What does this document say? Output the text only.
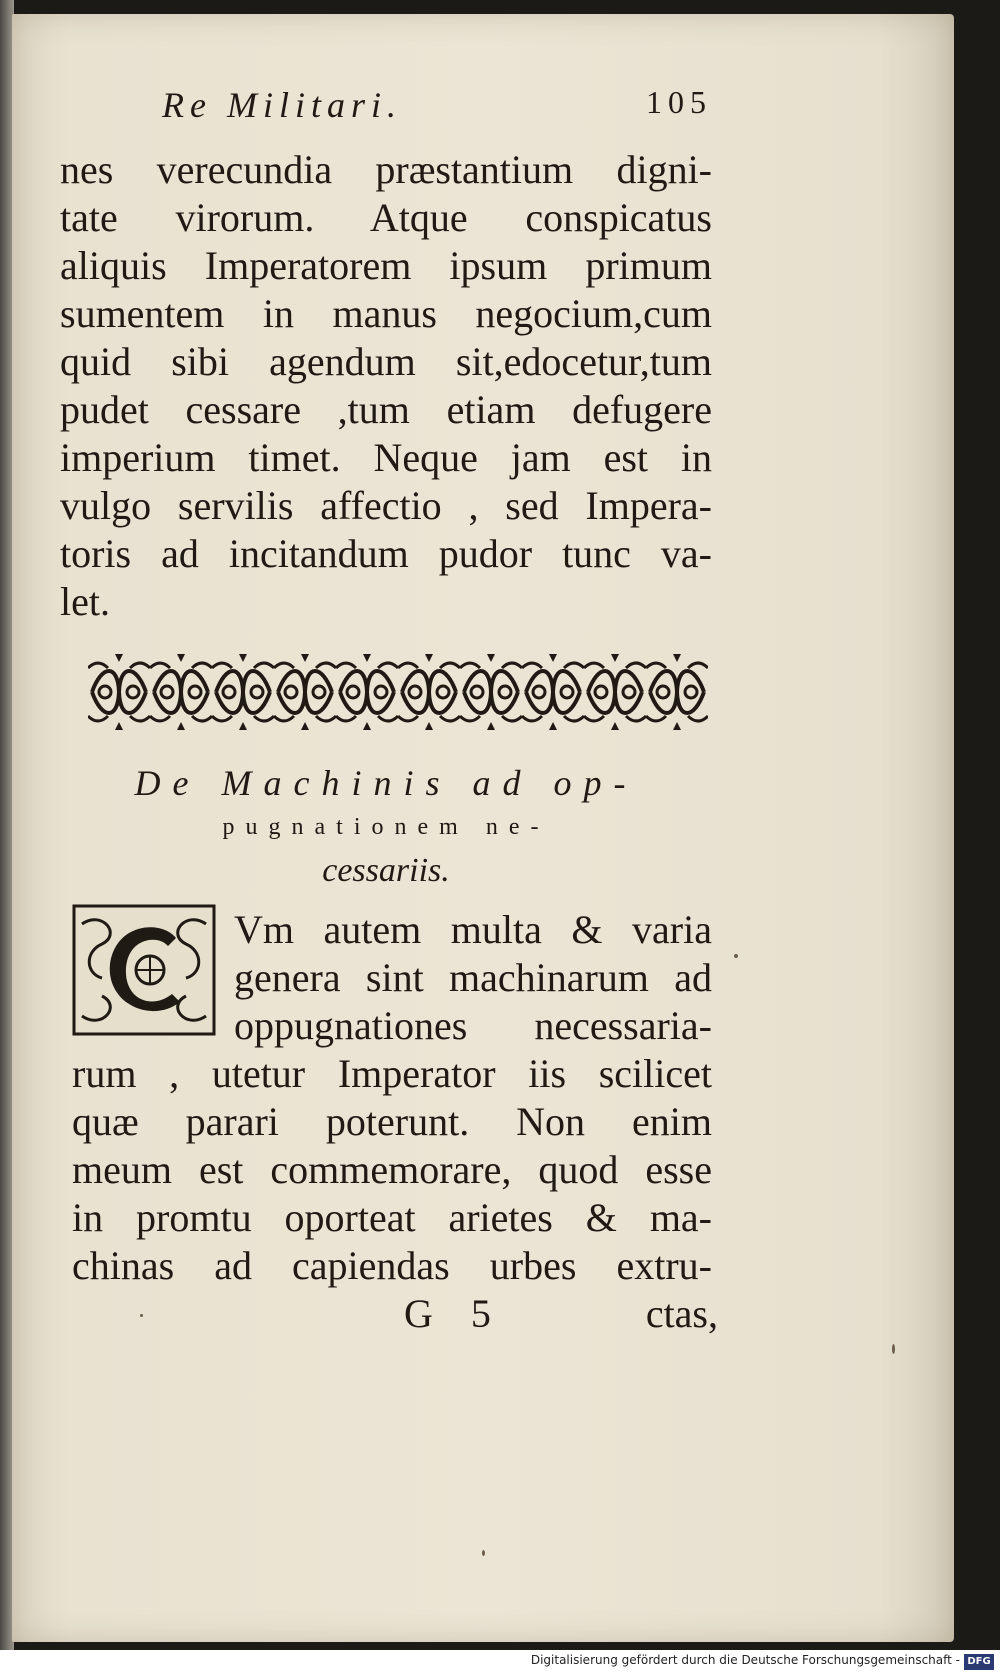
Re Militari.	105
nes verecundia præstantium digni-
tate virorum. Atque conspicatus
aliquis Imperatorem ipsum primum
sumentem in manus negocium,cum
quid sibi agendum sit,edocetur,tum
pudet cessare ,tum etiam defugere
imperium timet. Neque jam est in
vulgo servilis affectio , sed Impera-
toris ad incitandum pudor tunc va-
let.
De Machinis ad op-
pugnationem ne-
cessariis.
Vm autem multa & varia
genera sint machinarum ad
oppugnationes necessaria-
rum , utetur Imperator iis scilicet
quæ parari poterunt. Non enim
meum est commemorare, quod esse
in promtu oporteat arietes & ma-
chinas ad capiendas urbes extru-
G 5	ctas,
Digitalisierung gefördert durch die Deutsche Forschungsgemeinschaft - DFG
